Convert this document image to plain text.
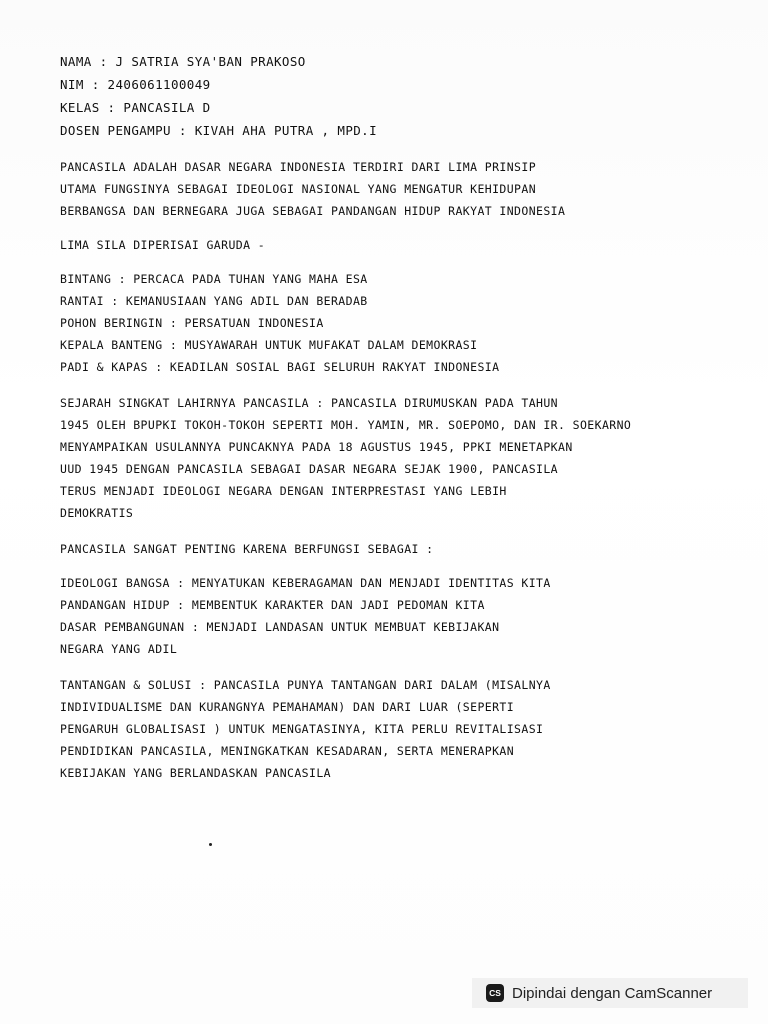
NAMA : J SATRIA SYA'BAN PRAKOSO
NIM : 2406061100049
KELAS : PANCASILA D
DOSEN PENGAMPU : KIVAH AHA PUTRA , MPD.I
PANCASILA ADALAH DASAR NEGARA INDONESIA TERDIRI DARI LIMA PRINSIP
UTAMA FUNGSINYA SEBAGAI IDEOLOGI NASIONAL YANG MENGATUR KEHIDUPAN
BERBANGSA DAN BERNEGARA JUGA SEBAGAI PANDANGAN HIDUP RAKYAT INDONESIA
LIMA SILA DIPERISAI GARUDA -
BINTANG : PERCACA PADA TUHAN YANG MAHA ESA
RANTAI : KEMANUSIAAN YANG ADIL DAN BERADAB
POHON BERINGIN : PERSATUAN INDONESIA
KEPALA BANTENG : MUSYAWARAH UNTUK MUFAKAT DALAM DEMOKRASI
PADI & KAPAS : KEADILAN SOSIAL BAGI SELURUH RAKYAT INDONESIA
SEJARAH SINGKAT LAHIRNYA PANCASILA : PANCASILA DIRUMUSKAN PADA TAHUN
1945 OLEH BPUPKI TOKOH-TOKOH SEPERTI MOH. YAMIN, MR. SOEPOMO, DAN IR. SOEKARNO
MENYAMPAIKAN USULANNYA PUNCAKNYA PADA 18 AGUSTUS 1945, PPKI MENETAPKAN
UUD 1945 DENGAN PANCASILA SEBAGAI DASAR NEGARA SEJAK 1900, PANCASILA
TERUS MENJADI IDEOLOGI NEGARA DENGAN INTERPRESTASI YANG LEBIH
DEMOKRATIS
PANCASILA SANGAT PENTING KARENA BERFUNGSI SEBAGAI :
IDEOLOGI BANGSA : MENYATUKAN KEBERAGAMAN DAN MENJADI IDENTITAS KITA
PANDANGAN HIDUP : MEMBENTUK KARAKTER DAN JADI PEDOMAN KITA
DASAR PEMBANGUNAN : MENJADI LANDASAN UNTUK MEMBUAT KEBIJAKAN
NEGARA YANG ADIL
TANTANGAN & SOLUSI : PANCASILA PUNYA TANTANGAN DARI DALAM (MISALNYA
INDIVIDUALISME DAN KURANGNYA PEMAHAMAN) DAN DARI LUAR (SEPERTI
PENGARUH GLOBALISASI ) UNTUK MENGATASINYA, KITA PERLU REVITALISASI
PENDIDIKAN PANCASILA, MENINGKATKAN KESADARAN, SERTA MENERAPKAN
KEBIJAKAN YANG BERLANDASKAN PANCASILA
CS Dipindai dengan CamScanner
